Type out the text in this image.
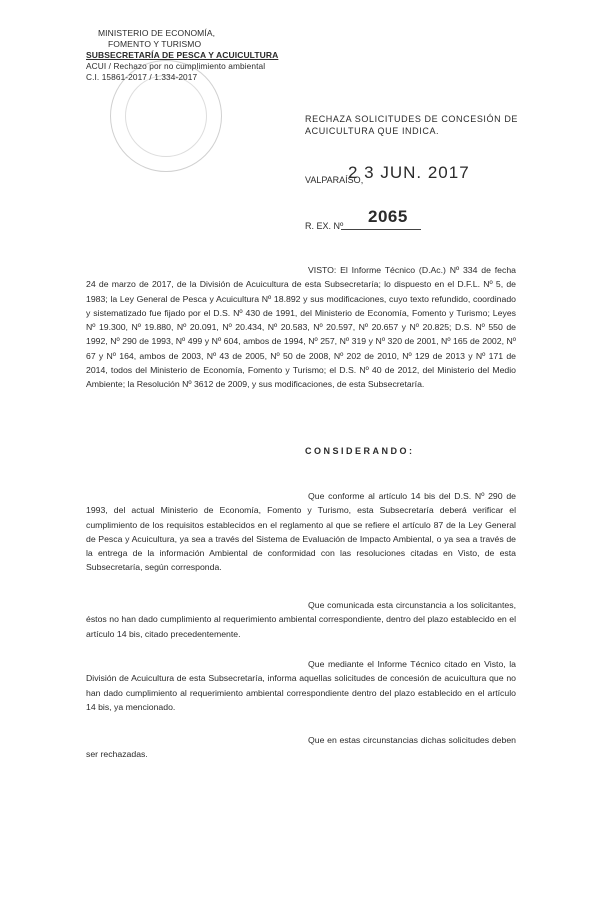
MINISTERIO DE ECONOMÍA,
FOMENTO Y TURISMO
SUBSECRETARÍA DE PESCA Y ACUICULTURA
ACUI / Rechazo por no cumplimiento ambiental
C.I. 15861-2017 / 1.334-2017
RECHAZA SOLICITUDES DE CONCESIÓN DE ACUICULTURA QUE INDICA.
VALPARAÍSO,
2 3 JUN. 2017
R. EX. Nº 2065
VISTO: El Informe Técnico (D.Ac.) Nº 334 de fecha 24 de marzo de 2017, de la División de Acuicultura de esta Subsecretaría; lo dispuesto en el D.F.L. Nº 5, de 1983; la Ley General de Pesca y Acuicultura Nº 18.892 y sus modificaciones, cuyo texto refundido, coordinado y sistematizado fue fijado por el D.S. Nº 430 de 1991, del Ministerio de Economía, Fomento y Turismo; Leyes Nº 19.300, Nº 19.880, Nº 20.091, Nº 20.434, Nº 20.583, Nº 20.597, Nº 20.657 y Nº 20.825; D.S. Nº 550 de 1992, Nº 290 de 1993, Nº 499 y Nº 604, ambos de 1994, Nº 257, Nº 319 y Nº 320 de 2001, Nº 165 de 2002, Nº 67 y Nº 164, ambos de 2003, Nº 43 de 2005, Nº 50 de 2008, Nº 202 de 2010, Nº 129 de 2013 y Nº 171 de 2014, todos del Ministerio de Economía, Fomento y Turismo; el D.S. Nº 40 de 2012, del Ministerio del Medio Ambiente; la Resolución Nº 3612 de 2009, y sus modificaciones, de esta Subsecretaría.
CONSIDERANDO:
Que conforme al artículo 14 bis del D.S. Nº 290 de 1993, del actual Ministerio de Economía, Fomento y Turismo, esta Subsecretaría deberá verificar el cumplimiento de los requisitos establecidos en el reglamento al que se refiere el artículo 87 de la Ley General de Pesca y Acuicultura, ya sea a través del Sistema de Evaluación de Impacto Ambiental, o ya sea a través de la entrega de la información Ambiental de conformidad con las resoluciones citadas en Visto, de esta Subsecretaría, según corresponda.
Que comunicada esta circunstancia a los solicitantes, éstos no han dado cumplimiento al requerimiento ambiental correspondiente, dentro del plazo establecido en el artículo 14 bis, citado precedentemente.
Que mediante el Informe Técnico citado en Visto, la División de Acuicultura de esta Subsecretaría, informa aquellas solicitudes de concesión de acuicultura que no han dado cumplimiento al requerimiento ambiental correspondiente dentro del plazo establecido en el artículo 14 bis, ya mencionado.
Que en estas circunstancias dichas solicitudes deben ser rechazadas.
